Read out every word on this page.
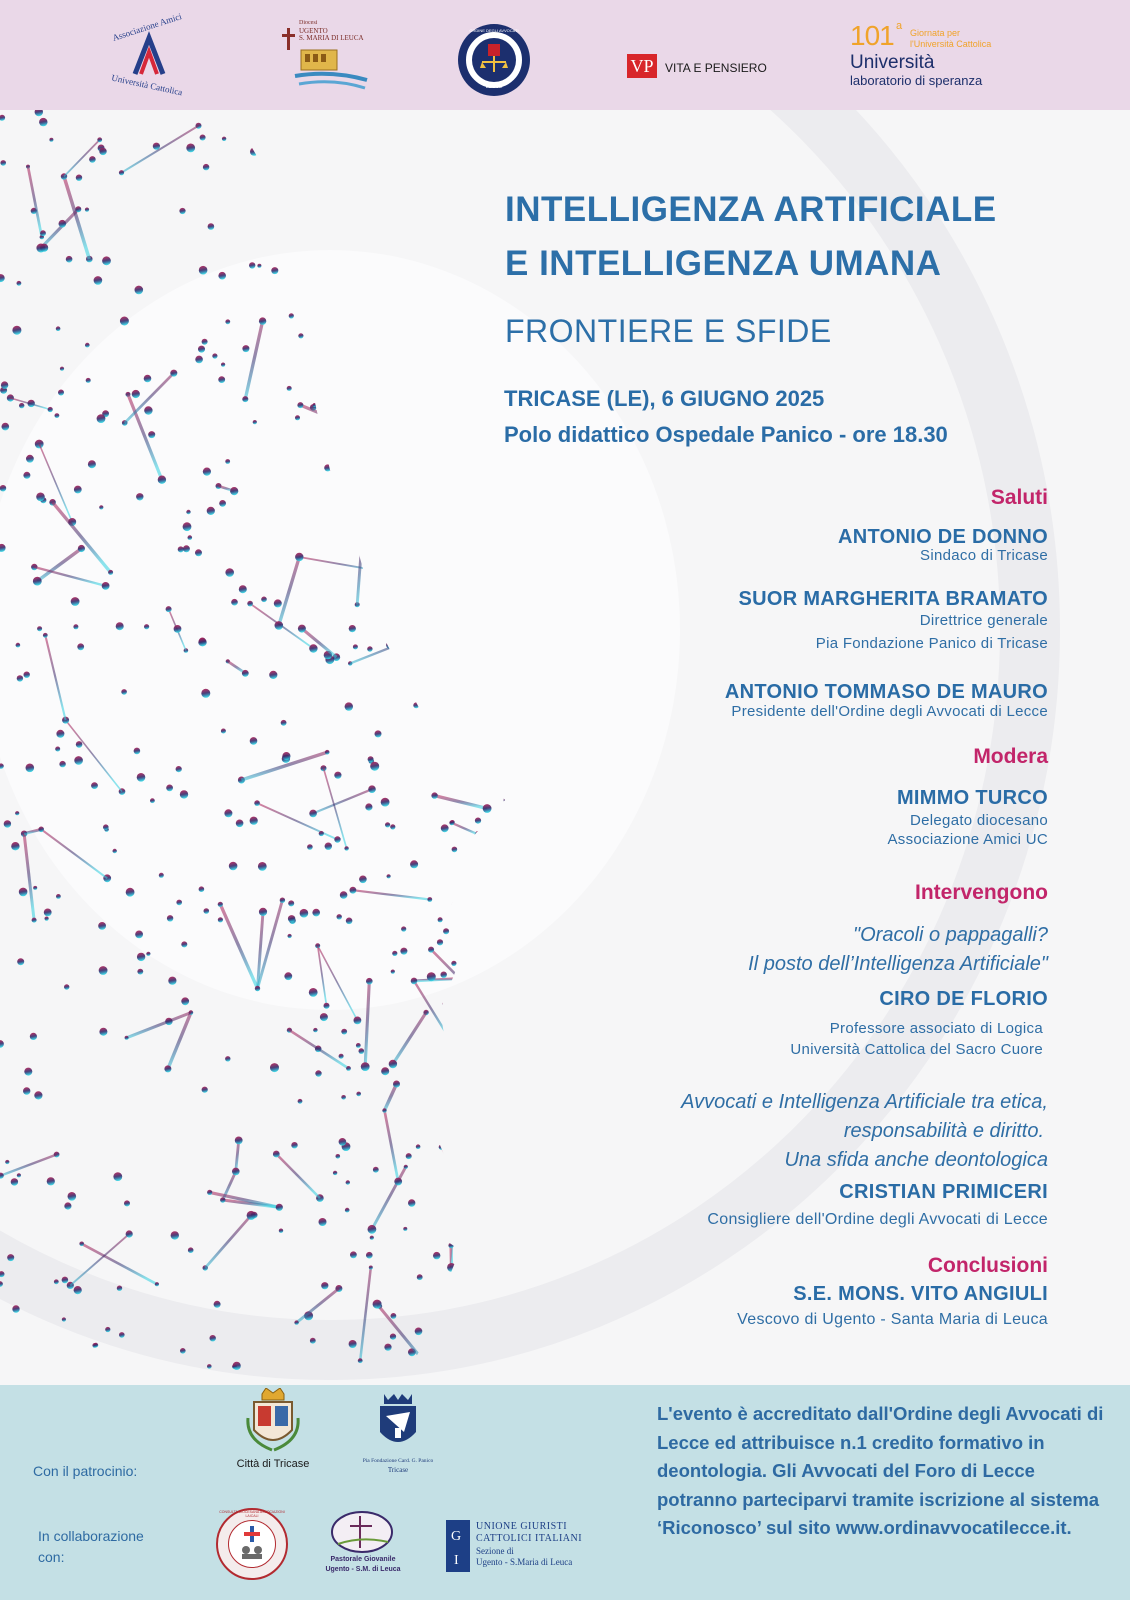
Associazione Amici
Università Cattolica
Diocesi
UGENTO
S. MARIA DI LEUCA
ORDINE DEGLI AVVOCATI
LECCE
VP VITA E PENSIERO
101 a
Giornata per
l'Università Cattolica
Università
laboratorio di speranza
INTELLIGENZA ARTIFICIALE
E INTELLIGENZA UMANA
FRONTIERE E SFIDE
TRICASE (LE), 6 GIUGNO 2025
Polo didattico Ospedale Panico - ore 18.30
Saluti
ANTONIO DE DONNO
Sindaco di Tricase
SUOR MARGHERITA BRAMATO
Direttrice generale
Pia Fondazione Panico di Tricase
ANTONIO TOMMASO DE MAURO
Presidente dell'Ordine degli Avvocati di Lecce
Modera
MIMMO TURCO
Delegato diocesano
Associazione Amici UC
Intervengono
"Oracoli o pappagalli?
Il posto dell’Intelligenza Artificiale"
CIRO DE FLORIO
Professore associato di Logica
Università Cattolica del Sacro Cuore
Avvocati e Intelligenza Artificiale tra etica,
responsabilità e diritto.
Una sfida anche deontologica
CRISTIAN PRIMICERI
Consigliere dell'Ordine degli Avvocati di Lecce
Conclusioni
S.E. MONS. VITO ANGIULI
Vescovo di Ugento - Santa Maria di Leuca
Con il patrocinio:
In collaborazione
con:
Città di Tricase	Pia Fondazione Card. G. Panico
Tricase
CONSULTA DIOCESANA ASSOCIAZIONI LAICALI
Pastorale Giovanile
Ugento - S.M. di Leuca
G
I
UNIONE GIURISTI
CATTOLICI ITALIANI
Sezione di
Ugento - S.Maria di Leuca
L'evento è accreditato dall'Ordine degli Avvocati di Lecce ed attribuisce n.1 credito formativo in deontologia. Gli Avvocati del Foro di Lecce potranno parteciparvi tramite iscrizione al sistema ‘Riconosco’ sul sito www.ordinavvocatilecce.it.
